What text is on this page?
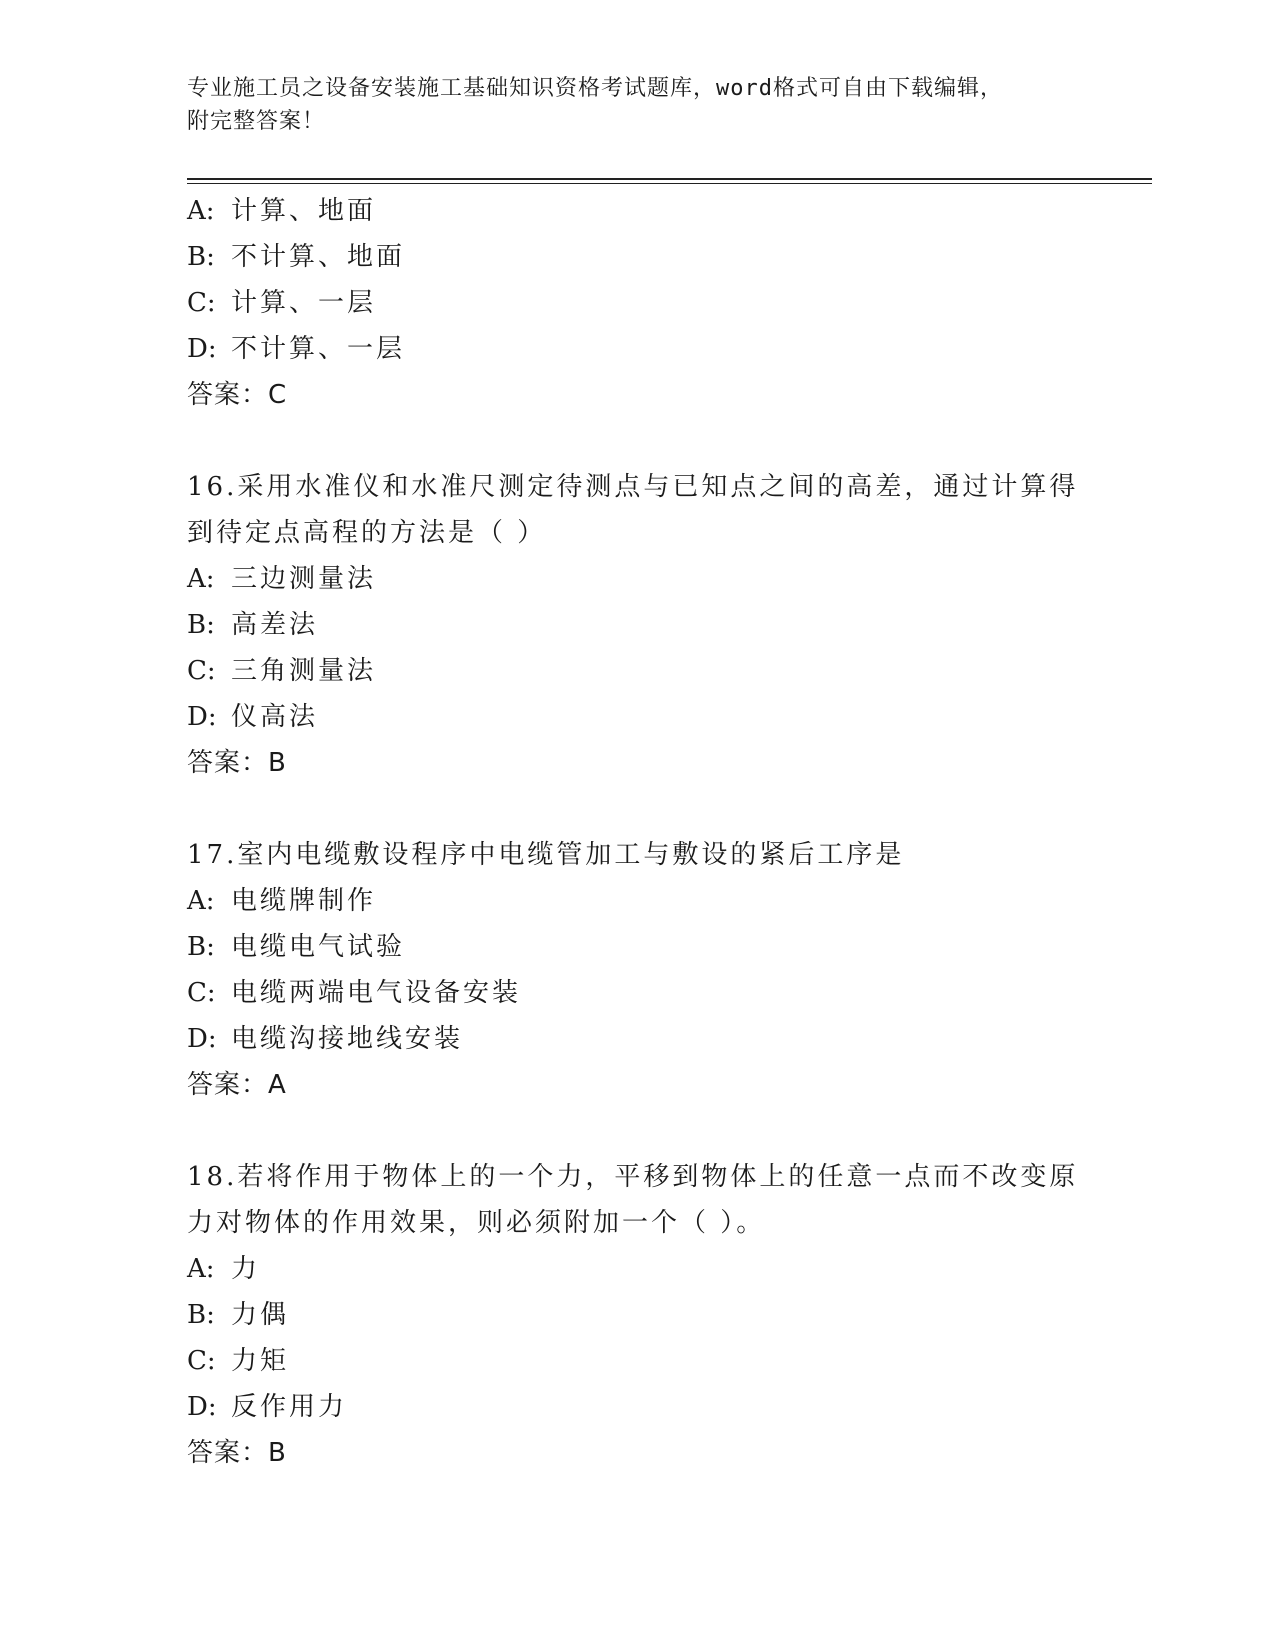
专业施工员之设备安装施工基础知识资格考试题库，word格式可自由下载编辑，
附完整答案！
A: 计算、地面
B: 不计算、地面
C: 计算、一层
D: 不计算、一层
答案：C
16.采用水准仪和水准尺测定待测点与已知点之间的高差，通过计算得
到待定点高程的方法是（ ）
A: 三边测量法
B: 高差法
C: 三角测量法
D: 仪高法
答案：B
17.室内电缆敷设程序中电缆管加工与敷设的紧后工序是
A: 电缆牌制作
B: 电缆电气试验
C: 电缆两端电气设备安装
D: 电缆沟接地线安装
答案：A
18.若将作用于物体上的一个力，平移到物体上的任意一点而不改变原
力对物体的作用效果，则必须附加一个（ ）。
A: 力
B: 力偶
C: 力矩
D: 反作用力
答案：B
